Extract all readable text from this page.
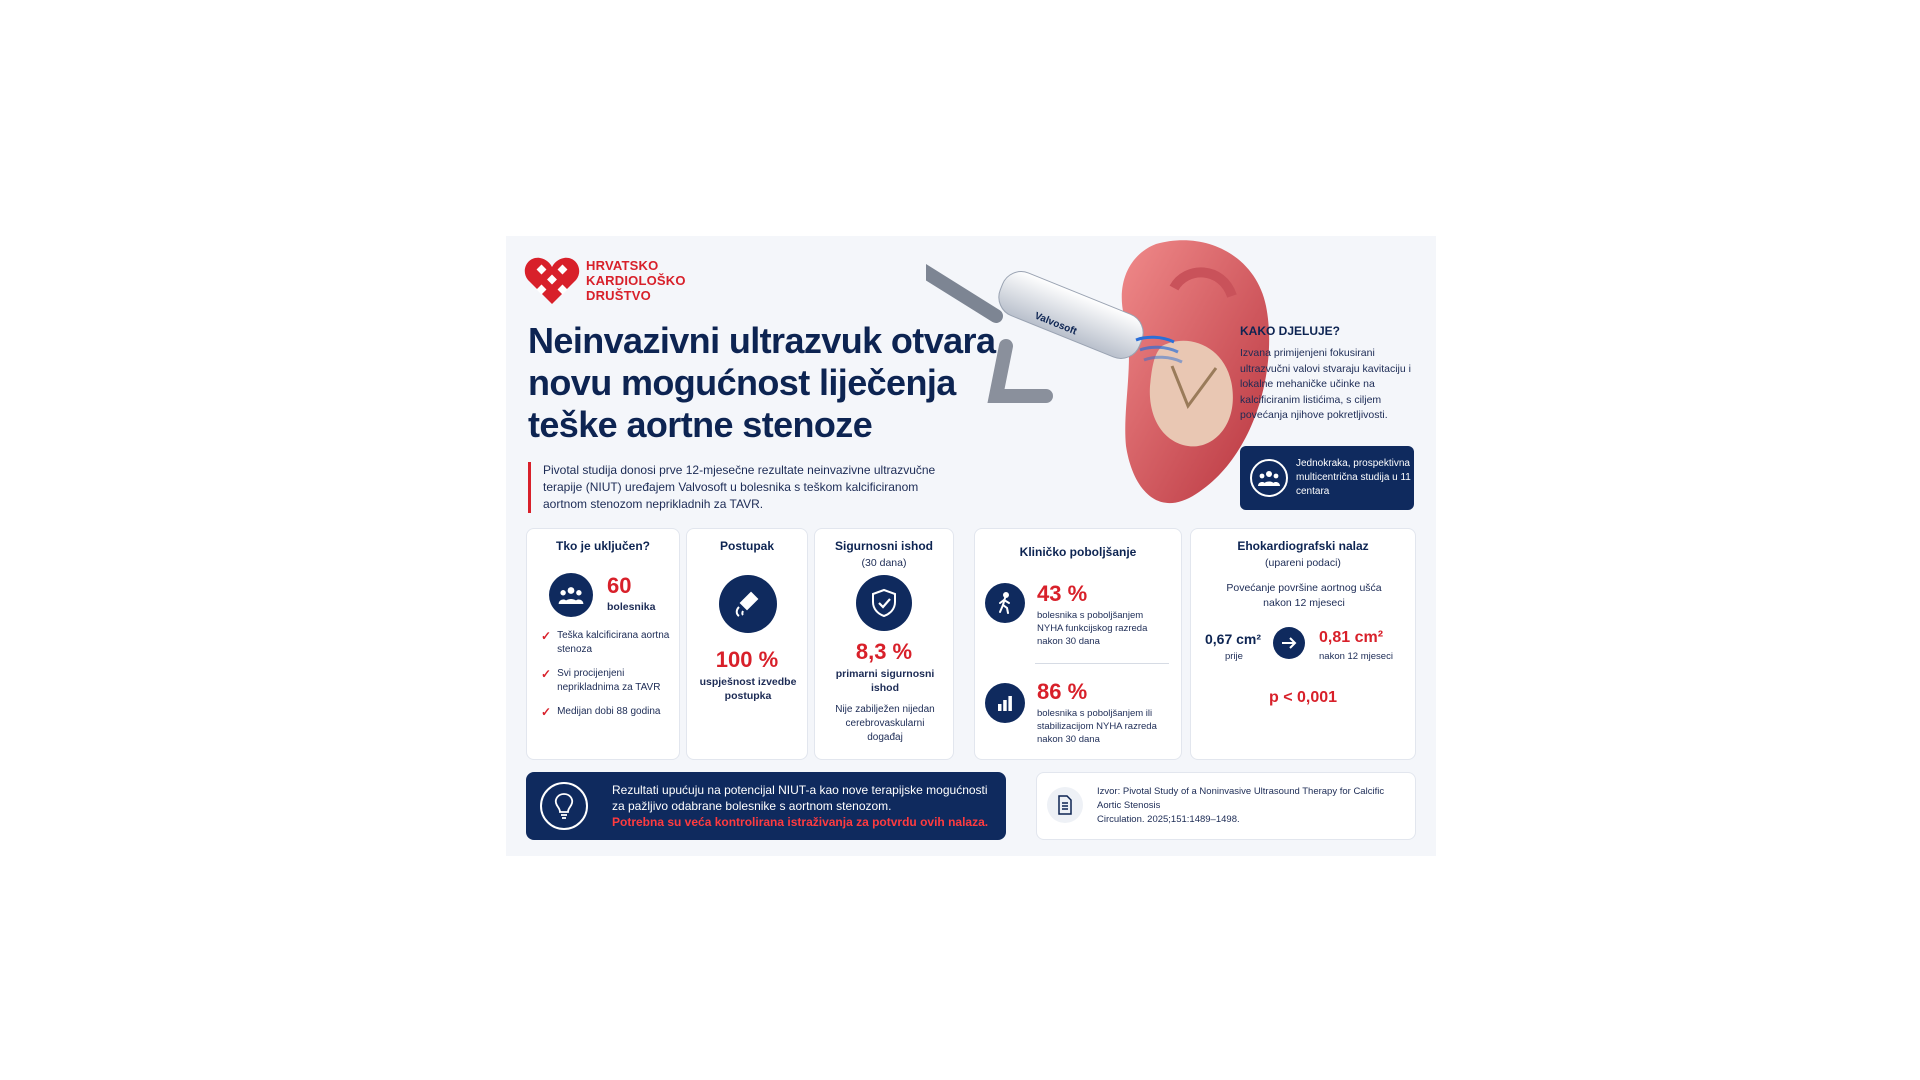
HRVATSKO
KARDIOLOŠKO
DRUŠTVO
Neinvazivni ultrazvuk otvara novu mogućnost liječenja teške aortne stenoze
Pivotal studija donosi prve 12-mjesečne rezultate neinvazivne ultrazvučne terapije (NIUT) uređajem Valvosoft u bolesnika s teškom kalcificiranom aortnom stenozom neprikladnih za TAVR.
Valvosoft	KAKO DJELUJE?
Izvana primijenjeni fokusirani ultrazvučni valovi stvaraju kavitaciju i lokalne mehaničke učinke na kalcificiranim listićima, s ciljem povećanja njihove pokretljivosti.
Jednokraka, prospektivna multicentrična studija u 11 centara
Tko je uključen?
60
bolesnika
✓ Teška kalcificirana aortna stenoza
✓ Svi procijenjeni neprikladnima za TAVR
✓ Medijan dobi 88 godina
Postupak
100 %
uspješnost izvedbe postupka
Sigurnosni ishod
(30 dana)
8,3 %
primarni sigurnosni ishod
Nije zabilježen nijedan cerebrovaskularni događaj
Kliničko poboljšanje
43 %
bolesnika s poboljšanjem NYHA funkcijskog razreda nakon 30 dana
86 %
bolesnika s poboljšanjem ili stabilizacijom NYHA razreda nakon 30 dana
Ehokardiografski nalaz
(upareni podaci)
Povećanje površine aortnog ušća nakon 12 mjeseci
0,67 cm²
prije
0,81 cm²
nakon 12 mjeseci
p < 0,001
Rezultati upućuju na potencijal NIUT-a kao nove terapijske mogućnosti za pažljivo odabrane bolesnike s aortnom stenozom.
Potrebna su veća kontrolirana istraživanja za potvrdu ovih nalaza.
Izvor: Pivotal Study of a Noninvasive Ultrasound Therapy for Calcific Aortic Stenosis
Circulation. 2025;151:1489–1498.
